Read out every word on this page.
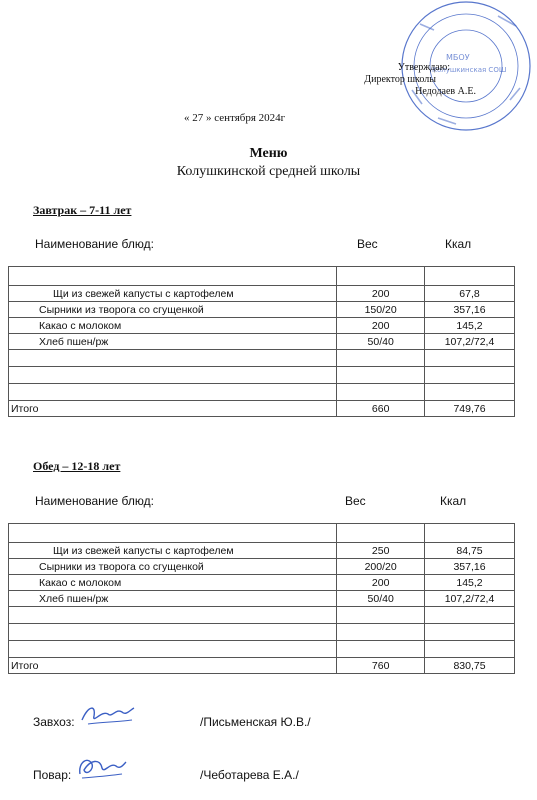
МБОУ
Колушкинская СОШ
Утверждаю:
Директор школы
Недодаев А.Е.
« 27 » сентября 2024г
Меню
Колушкинской средней школы
Завтрак – 7-11 лет
Наименование блюд:	Вес	Ккал

Щи из свежей капусты с картофелем	200	67,8
Сырники из творога со сгущенкой	150/20	357,16
Какао с молоком	200	145,2
Хлеб пшен/рж	50/40	107,2/72,4

Итого	660	749,76
Обед – 12-18 лет
Наименование блюд:	Вес	Ккал

Щи из свежей капусты с картофелем	250	84,75
Сырники из творога со сгущенкой	200/20	357,16
Какао с молоком	200	145,2
Хлеб пшен/рж	50/40	107,2/72,4

Итого	760	830,75
Завхоз:	/Письменская Ю.В./
Повар:	/Чеботарева Е.А./
